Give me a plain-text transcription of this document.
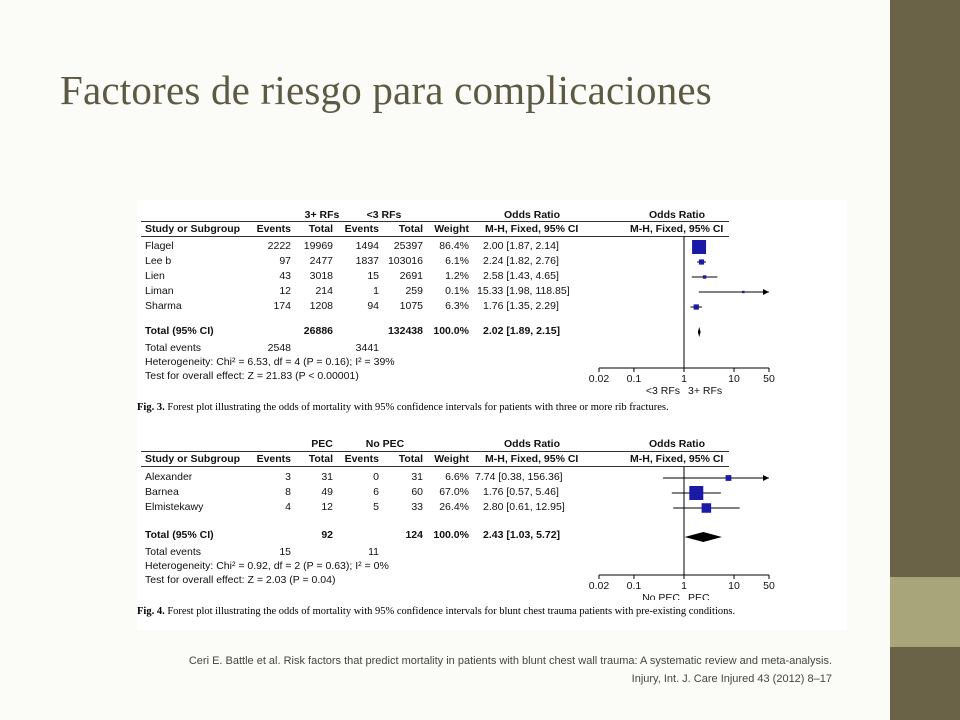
Factores de riesgo para complicaciones
3+ RFs	<3 RFs	Odds Ratio	Odds Ratio
Study or Subgroup	Events	Total	Events	Total	Weight M-H, Fixed, 95% CI	M-H, Fixed, 95% CI
Flagel	2222	19969	1494	25397	86.4% 2.00 [1.87, 2.14]
Lee b	97	2477	1837 103016	6.1% 2.24 [1.82, 2.76]
Lien	43	3018	15	2691	1.2% 2.58 [1.43, 4.65]
Liman	12	214	1	259	0.1% 15.33 [1.98, 118.85]
Sharma	174	1208	94	1075	6.3% 1.76 [1.35, 2.29]
Total (95% CI)	26886	132438 100.0% 2.02 [1.89, 2.15]
Total events	2548	3441
Heterogeneity: Chi² = 6.53, df = 4 (P = 0.16); I² = 39%
Test for overall effect: Z = 21.83 (P < 0.00001)	0.02 0.1	1	10 50
<3 RFs 3+ RFs
Fig. 3. Forest plot illustrating the odds of mortality with 95% confidence intervals for patients with three or more rib fractures.
PEC	No PEC	Odds Ratio	Odds Ratio
Study or Subgroup	Events	Total	Events	Total	Weight M-H, Fixed, 95% CI	M-H, Fixed, 95% CI
Alexander	3	31	0	31	6.6% 7.74 [0.38, 156.36]
Barnea	8	49	6	60	67.0% 1.76 [0.57, 5.46]
Elmistekawy	4	12	5	33	26.4% 2.80 [0.61, 12.95]
Total (95% CI)	92	124 100.0% 2.43 [1.03, 5.72]
Total events	15	11
Heterogeneity: Chi² = 0.92, df = 2 (P = 0.63); I² = 0%
Test for overall effect: Z = 2.03 (P = 0.04)	0.02 0.1	1	10 50
No PEC PEC
Fig. 4. Forest plot illustrating the odds of mortality with 95% confidence intervals for blunt chest trauma patients with pre-existing conditions.
Ceri E. Battle et al. Risk factors that predict mortality in patients with blunt chest wall trauma: A systematic review and meta-analysis.
Injury, Int. J. Care Injured 43 (2012) 8–17
